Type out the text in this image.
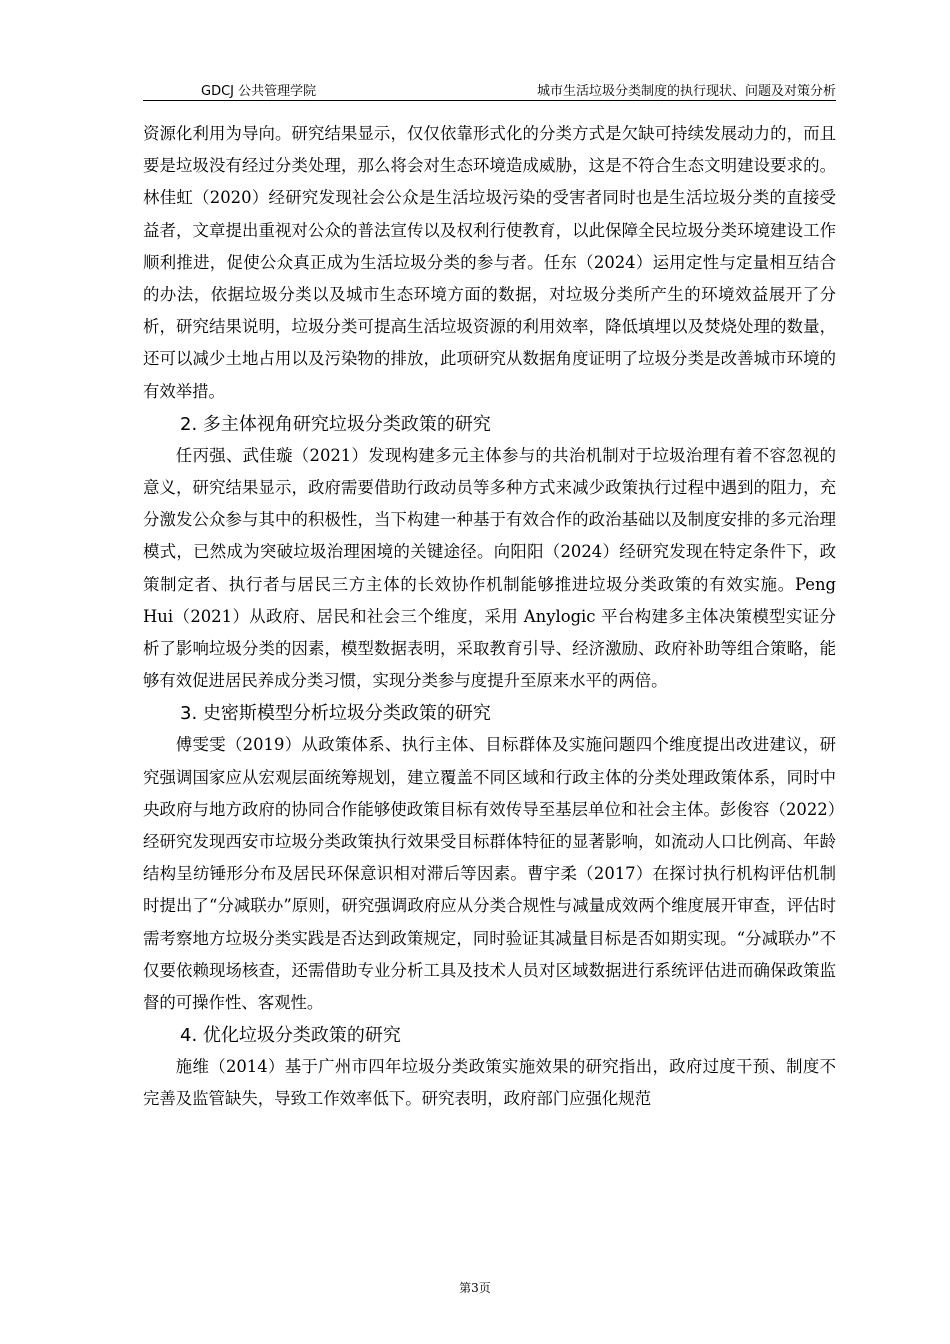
GDCJ 公共管理学院	城市生活垃圾分类制度的执行现状、问题及对策分析

资源化利用为导向。研究结果显示，仅仅依靠形式化的分类方式是欠缺可持续发展动力的，而且要是垃圾没有经过分类处理，那么将会对生态环境造成威胁，这是不符合生态文明建设要求的。林佳虹（2020）经研究发现社会公众是生活垃圾污染的受害者同时也是生活垃圾分类的直接受益者，文章提出重视对公众的普法宣传以及权利行使教育，以此保障全民垃圾分类环境建设工作顺利推进，促使公众真正成为生活垃圾分类的参与者。任东（2024）运用定性与定量相互结合的办法，依据垃圾分类以及城市生态环境方面的数据，对垃圾分类所产生的环境效益展开了分析，研究结果说明，垃圾分类可提高生活垃圾资源的利用效率，降低填埋以及焚烧处理的数量，还可以减少土地占用以及污染物的排放，此项研究从数据角度证明了垃圾分类是改善城市环境的有效举措。

2. 多主体视角研究垃圾分类政策的研究

任丙强、武佳璇（2021）发现构建多元主体参与的共治机制对于垃圾治理有着不容忽视的意义，研究结果显示，政府需要借助行政动员等多种方式来减少政策执行过程中遇到的阻力，充分激发公众参与其中的积极性，当下构建一种基于有效合作的政治基础以及制度安排的多元治理模式，已然成为突破垃圾治理困境的关键途径。向阳阳（2024）经研究发现在特定条件下，政策制定者、执行者与居民三方主体的长效协作机制能够推进垃圾分类政策的有效实施。Peng Hui（2021）从政府、居民和社会三个维度，采用 Anylogic 平台构建多主体决策模型实证分析了影响垃圾分类的因素，模型数据表明，采取教育引导、经济激励、政府补助等组合策略，能够有效促进居民养成分类习惯，实现分类参与度提升至原来水平的两倍。

3. 史密斯模型分析垃圾分类政策的研究

傅雯雯（2019）从政策体系、执行主体、目标群体及实施问题四个维度提出改进建议，研究强调国家应从宏观层面统筹规划，建立覆盖不同区域和行政主体的分类处理政策体系，同时中央政府与地方政府的协同合作能够使政策目标有效传导至基层单位和社会主体。彭俊容（2022）经研究发现西安市垃圾分类政策执行效果受目标群体特征的显著影响，如流动人口比例高、年龄结构呈纺锤形分布及居民环保意识相对滞后等因素。曹宇柔（2017）在探讨执行机构评估机制时提出了“分减联办”原则，研究强调政府应从分类合规性与减量成效两个维度展开审查，评估时需考察地方垃圾分类实践是否达到政策规定，同时验证其减量目标是否如期实现。“分减联办”不仅要依赖现场核查，还需借助专业分析工具及技术人员对区域数据进行系统评估进而确保政策监督的可操作性、客观性。

4. 优化垃圾分类政策的研究

施维（2014）基于广州市四年垃圾分类政策实施效果的研究指出，政府过度干预、制度不完善及监管缺失，导致工作效率低下。研究表明，政府部门应强化规范

第3页
